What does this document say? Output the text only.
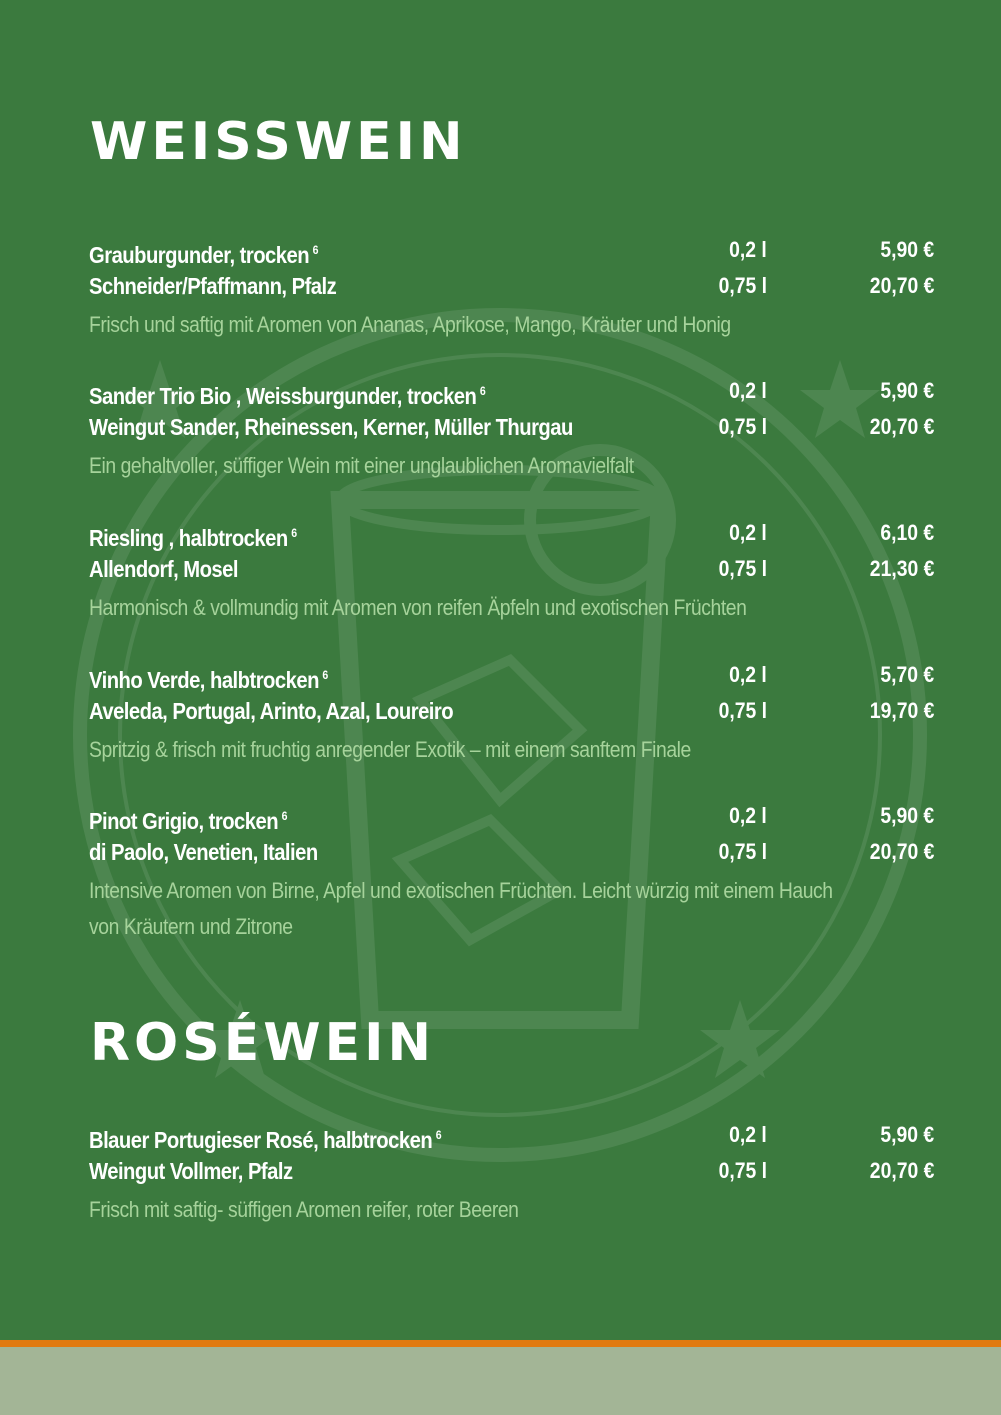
WEISSWEIN
Grauburgunder, trocken $^6$	0,2 l	5,90 €
Schneider/Pfaffmann, Pfalz	0,75 l	20,70 €
Frisch und saftig mit Aromen von Ananas, Aprikose, Mango, Kräuter und Honig
Sander Trio Bio , Weissburgunder, trocken $^6$	0,2 l	5,90 €
Weingut Sander, Rheinessen, Kerner, Müller Thurgau	0,75 l	20,70 €
Ein gehaltvoller, süffiger Wein mit einer unglaublichen Aromavielfalt
Riesling , halbtrocken $^6$	0,2 l	6,10 €
Allendorf, Mosel	0,75 l	21,30 €
Harmonisch & vollmundig mit Aromen von reifen Äpfeln und exotischen Früchten
Vinho Verde, halbtrocken $^6$	0,2 l	5,70 €
Aveleda, Portugal, Arinto, Azal, Loureiro	0,75 l	19,70 €
Spritzig & frisch mit fruchtig anregender Exotik – mit einem sanftem Finale
Pinot Grigio, trocken $^6$	0,2 l	5,90 €
di Paolo, Venetien, Italien	0,75 l	20,70 €
Intensive Aromen von Birne, Apfel und exotischen Früchten. Leicht würzig mit einem Hauch
von Kräutern und Zitrone
ROSÉWEIN
Blauer Portugieser Rosé, halbtrocken $^6$	0,2 l	5,90 €
Weingut Vollmer, Pfalz	0,75 l	20,70 €
Frisch mit saftig- süffigen Aromen reifer, roter Beeren
